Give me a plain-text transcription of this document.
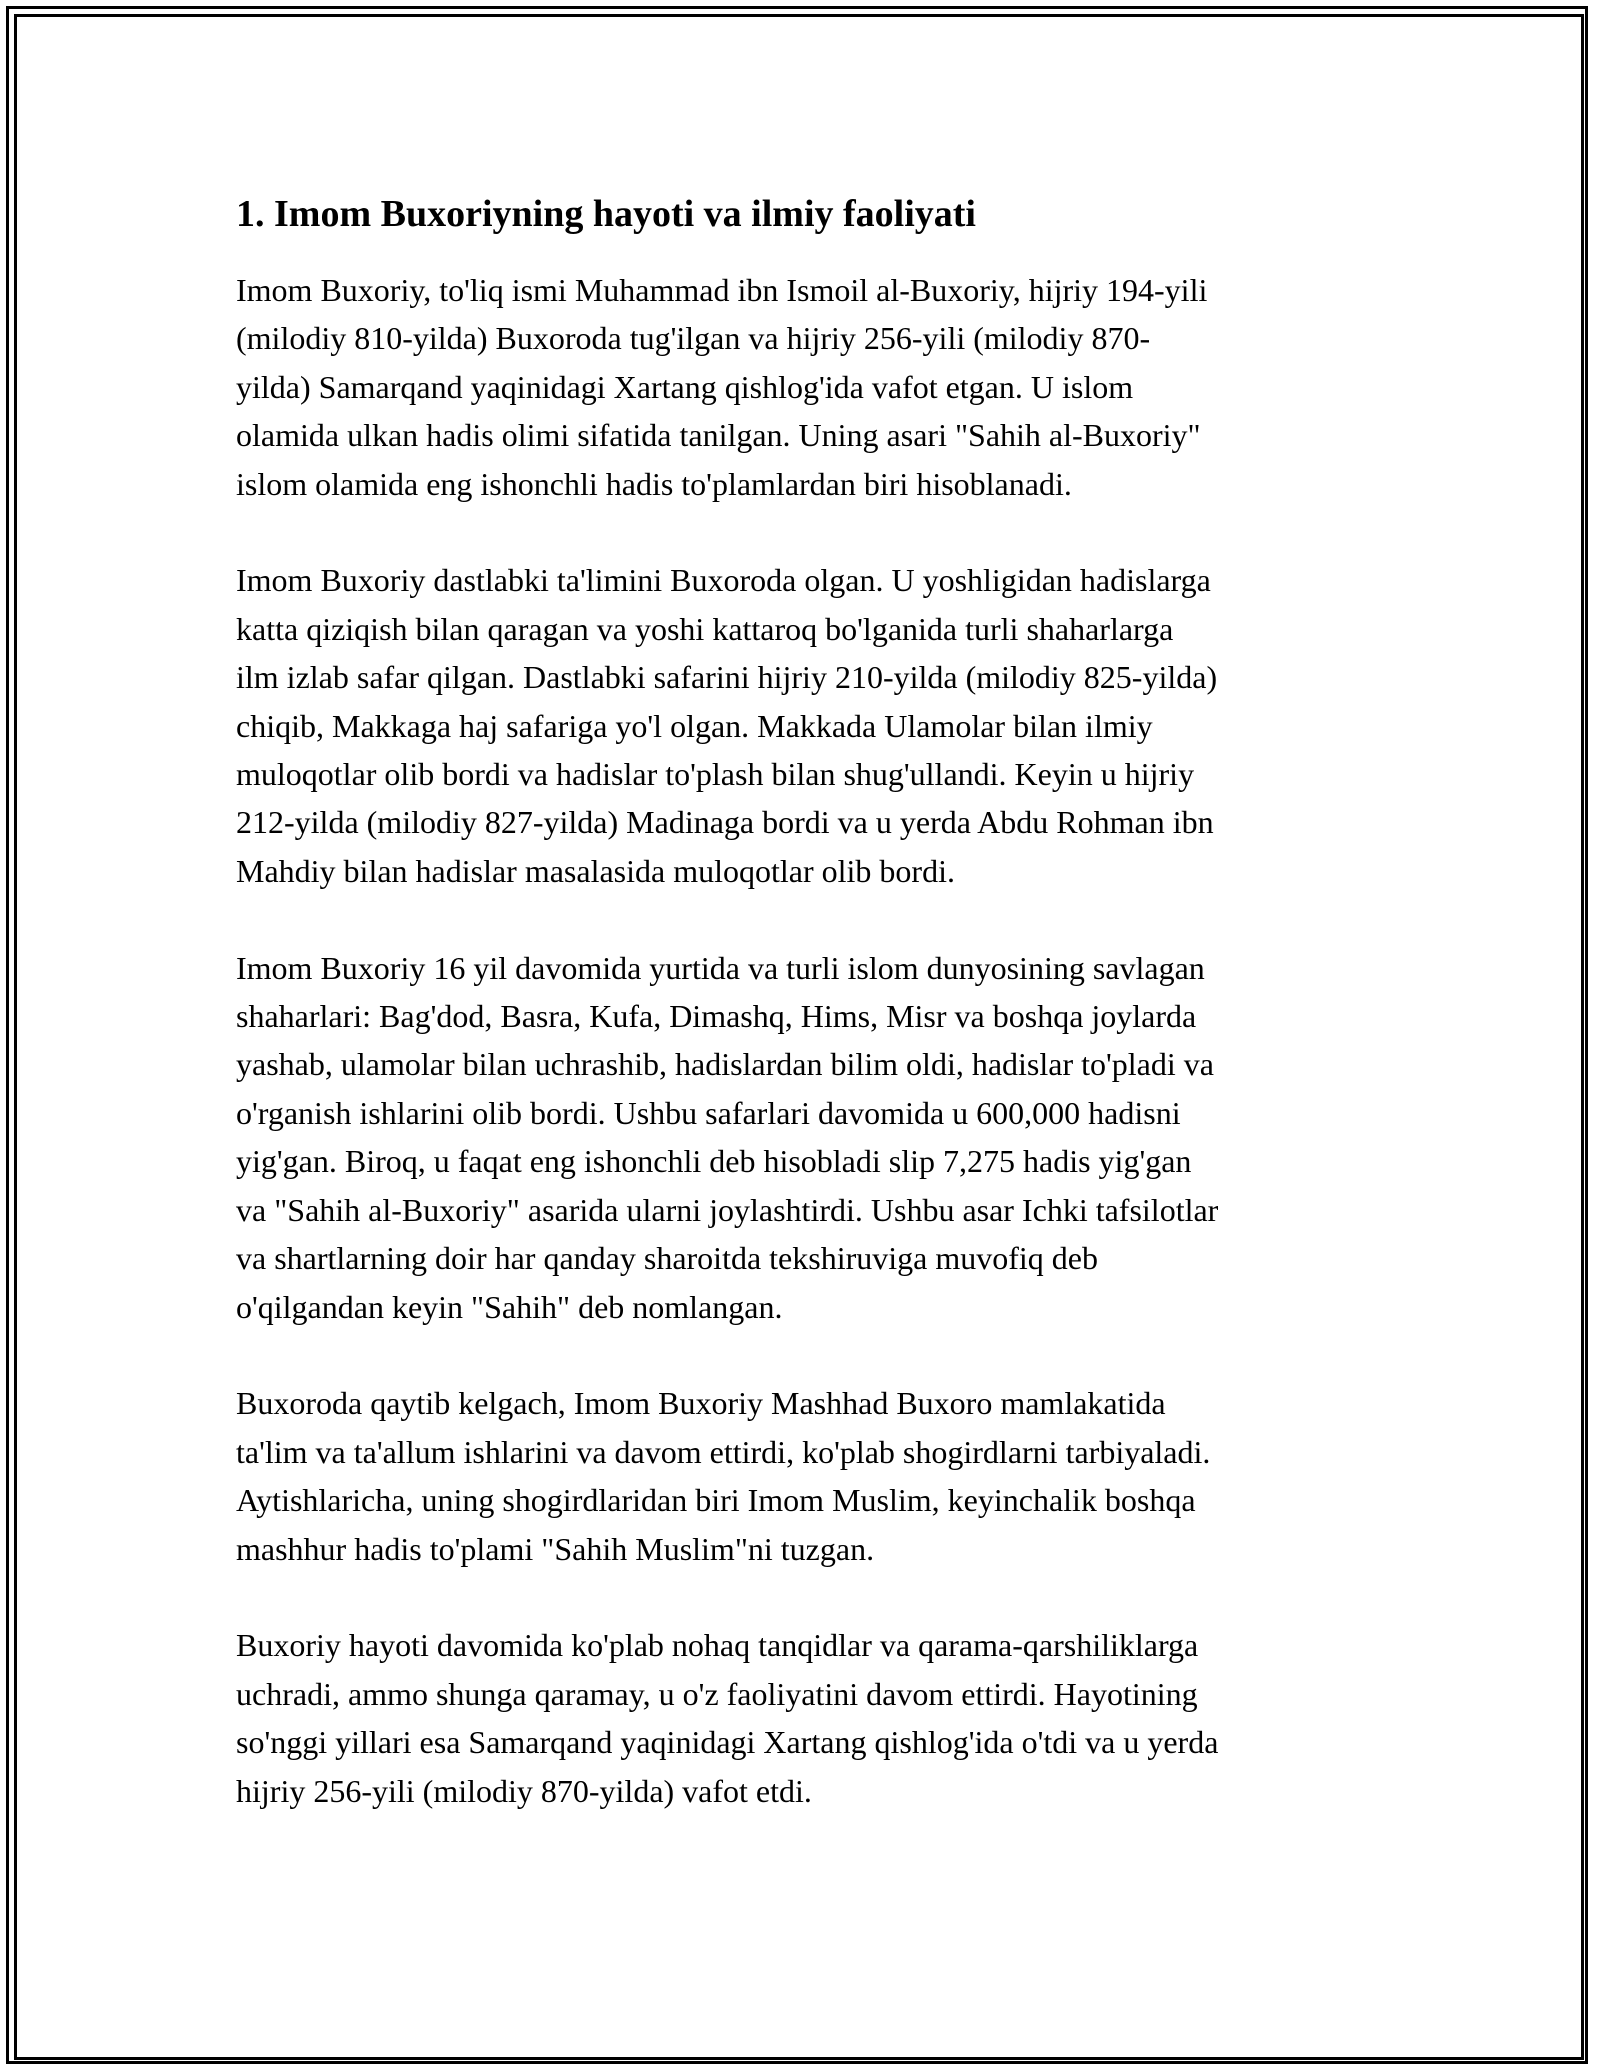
1. Imom Buxoriyning hayoti va ilmiy faoliyati

Imom Buxoriy, to'liq ismi Muhammad ibn Ismoil al-Buxoriy, hijriy 194-yili
(milodiy 810-yilda) Buxoroda tug'ilgan va hijriy 256-yili (milodiy 870-
yilda) Samarqand yaqinidagi Xartang qishlog'ida vafot etgan. U islom
olamida ulkan hadis olimi sifatida tanilgan. Uning asari "Sahih al-Buxoriy"
islom olamida eng ishonchli hadis to'plamlardan biri hisoblanadi.

Imom Buxoriy dastlabki ta'limini Buxoroda olgan. U yoshligidan hadislarga
katta qiziqish bilan qaragan va yoshi kattaroq bo'lganida turli shaharlarga
ilm izlab safar qilgan. Dastlabki safarini hijriy 210-yilda (milodiy 825-yilda)
chiqib, Makkaga haj safariga yo'l olgan. Makkada Ulamolar bilan ilmiy
muloqotlar olib bordi va hadislar to'plash bilan shug'ullandi. Keyin u hijriy
212-yilda (milodiy 827-yilda) Madinaga bordi va u yerda Abdu Rohman ibn
Mahdiy bilan hadislar masalasida muloqotlar olib bordi.

Imom Buxoriy 16 yil davomida yurtida va turli islom dunyosining savlagan
shaharlari: Bag'dod, Basra, Kufa, Dimashq, Hims, Misr va boshqa joylarda
yashab, ulamolar bilan uchrashib, hadislardan bilim oldi, hadislar to'pladi va
o'rganish ishlarini olib bordi. Ushbu safarlari davomida u 600,000 hadisni
yig'gan. Biroq, u faqat eng ishonchli deb hisobladi slip 7,275 hadis yig'gan
va "Sahih al-Buxoriy" asarida ularni joylashtirdi. Ushbu asar Ichki tafsilotlar
va shartlarning doir har qanday sharoitda tekshiruviga muvofiq deb
o'qilgandan keyin "Sahih" deb nomlangan.

Buxoroda qaytib kelgach, Imom Buxoriy Mashhad Buxoro mamlakatida
ta'lim va ta'allum ishlarini va davom ettirdi, ko'plab shogirdlarni tarbiyaladi.
Aytishlaricha, uning shogirdlaridan biri Imom Muslim, keyinchalik boshqa
mashhur hadis to'plami "Sahih Muslim"ni tuzgan.

Buxoriy hayoti davomida ko'plab nohaq tanqidlar va qarama-qarshiliklarga
uchradi, ammo shunga qaramay, u o'z faoliyatini davom ettirdi. Hayotining
so'nggi yillari esa Samarqand yaqinidagi Xartang qishlog'ida o'tdi va u yerda
hijriy 256-yili (milodiy 870-yilda) vafot etdi.
